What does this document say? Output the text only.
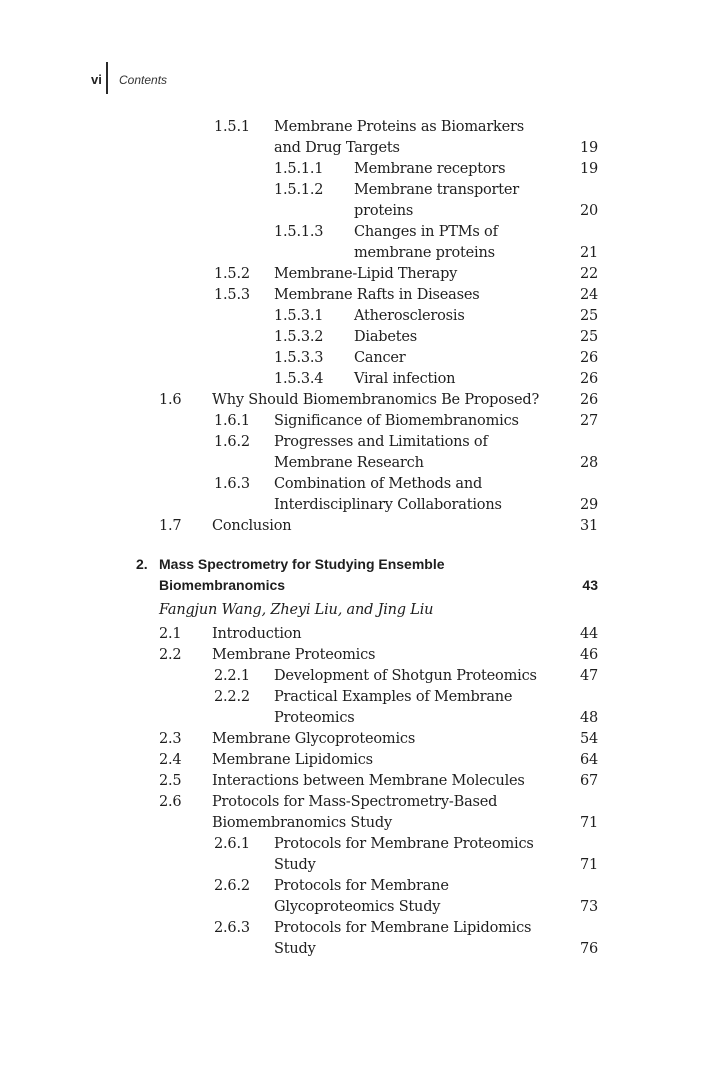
vi Contents
1.5.1 Membrane Proteins as Biomarkers
and Drug Targets	19
1.5.1.1 Membrane receptors	19
1.5.1.2 Membrane transporter
proteins	20
1.5.1.3 Changes in PTMs of
membrane proteins	21
1.5.2 Membrane-Lipid Therapy	22
1.5.3 Membrane Rafts in Diseases	24
1.5.3.1 Atherosclerosis	25
1.5.3.2 Diabetes	25
1.5.3.3 Cancer	26
1.5.3.4 Viral infection	26
1.6 Why Should Biomembranomics Be Proposed?	26
1.6.1 Significance of Biomembranomics	27
1.6.2 Progresses and Limitations of
Membrane Research	28
1.6.3 Combination of Methods and
Interdisciplinary Collaborations	29
1.7 Conclusion	31
2. Mass Spectrometry for Studying Ensemble
Biomembranomics	43
Fangjun Wang, Zheyi Liu, and Jing Liu
2.1 Introduction	44
2.2 Membrane Proteomics	46
2.2.1 Development of Shotgun Proteomics	47
2.2.2 Practical Examples of Membrane
Proteomics	48
2.3 Membrane Glycoproteomics	54
2.4 Membrane Lipidomics	64
2.5 Interactions between Membrane Molecules	67
2.6 Protocols for Mass-Spectrometry-Based
Biomembranomics Study	71
2.6.1 Protocols for Membrane Proteomics
Study	71
2.6.2 Protocols for Membrane
Glycoproteomics Study	73
2.6.3 Protocols for Membrane Lipidomics
Study	76
